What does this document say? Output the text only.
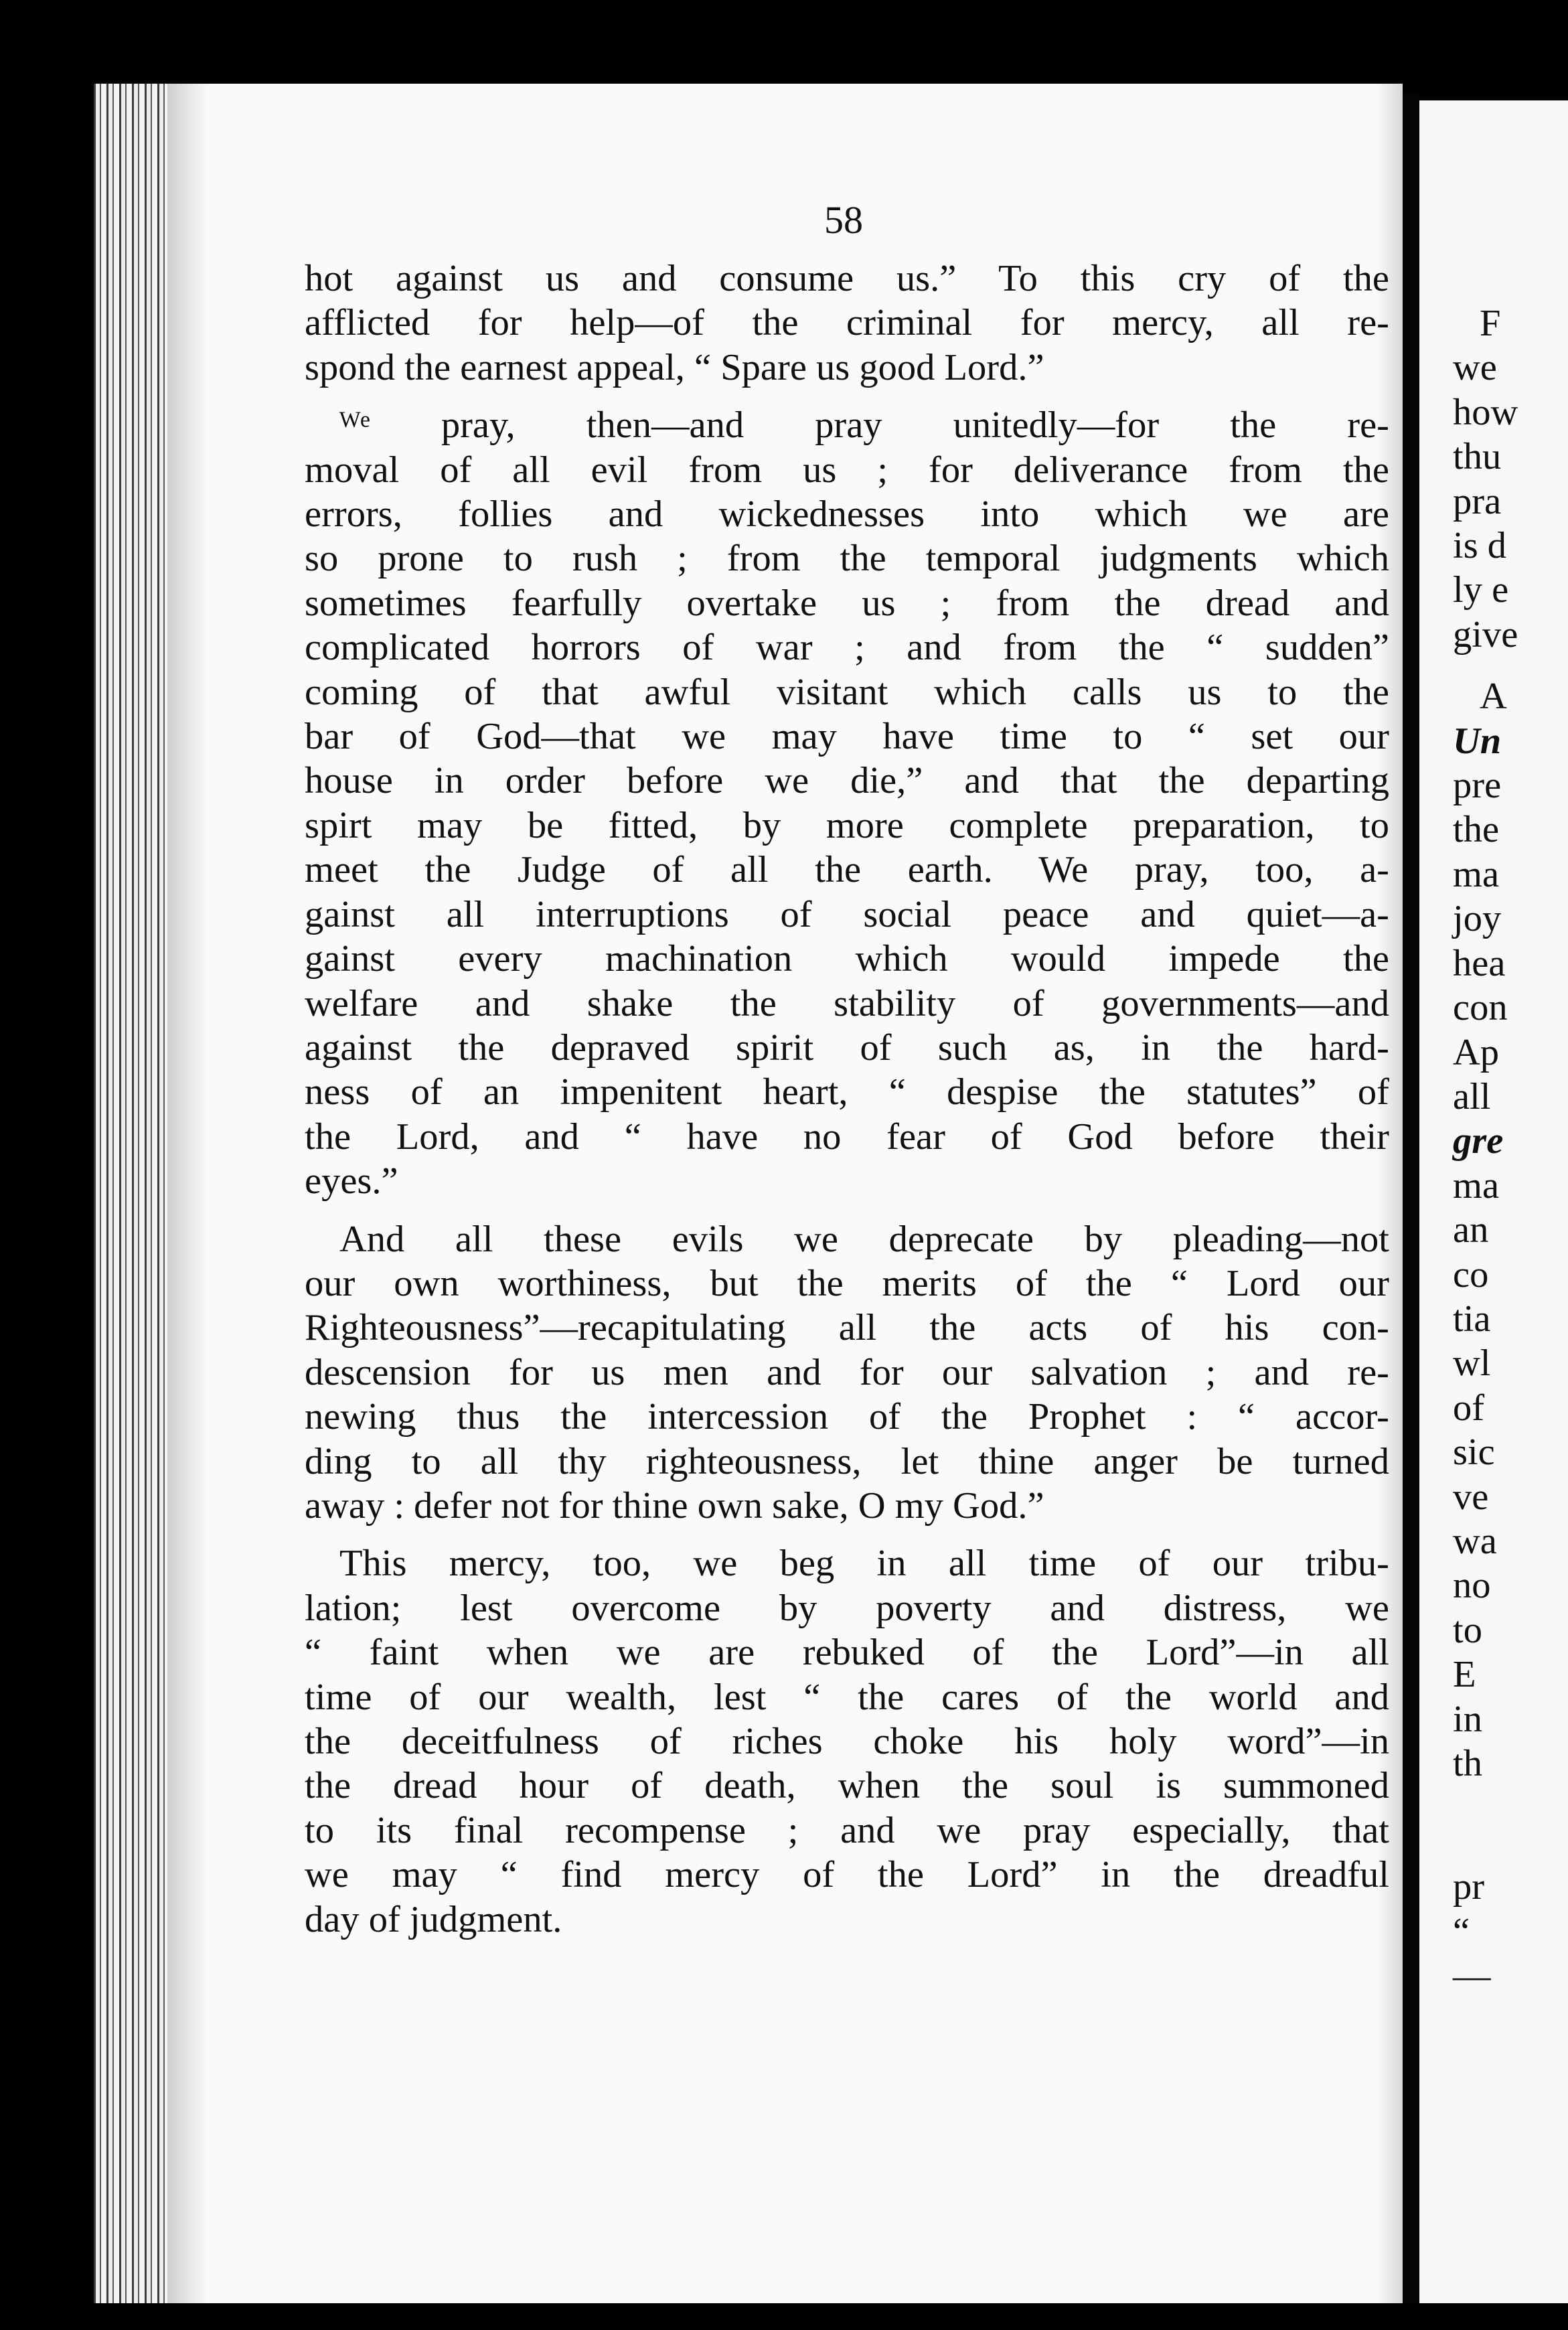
58
hot against us and consume us.” To this cry of the
afflicted for help—of the criminal for mercy, all re-
spond the earnest appeal, “ Spare us good Lord.”
ᵂᵉ pray, then—and pray unitedly—for the re-
moval of all evil from us ; for deliverance from the
errors, follies and wickednesses into which we are
so prone to rush ; from the temporal judgments which
sometimes fearfully overtake us ; from the dread and
complicated horrors of war ; and from the “ sudden”
coming of that awful visitant which calls us to the
bar of God—that we may have time to “ set our
house in order before we die,” and that the departing
spirt may be fitted, by more complete preparation, to
meet the Judge of all the earth. We pray, too, a-
gainst all interruptions of social peace and quiet—a-
gainst every machination which would impede the
welfare and shake the stability of governments—and
against the depraved spirit of such as, in the hard-
ness of an impenitent heart, “ despise the statutes” of
the Lord, and “ have no fear of God before their
eyes.”
And all these evils we deprecate by pleading—not
our own worthiness, but the merits of the “ Lord our
Righteousness”—recapitulating all the acts of his con-
descension for us men and for our salvation ; and re-
newing thus the intercession of the Prophet : “ accor-
ding to all thy righteousness, let thine anger be turned
away : defer not for thine own sake, O my God.”
This mercy, too, we beg in all time of our tribu-
lation; lest overcome by poverty and distress, we
“ faint when we are rebuked of the Lord”—in all
time of our wealth, lest “ the cares of the world and
the deceitfulness of riches choke his holy word”—in
the dread hour of death, when the soul is summoned
to its final recompense ; and we pray especially, that
we may “ find mercy of the Lord” in the dreadful
day of judgment.
F
we
how
thu
pra
is d
ly e
give
A
Un
pre
the
ma
joy
hea
con
Ap
all
gre
ma
an
co
tia
wl
of
sic
ve
wa
no
to
E
in
th
pr
“
—
